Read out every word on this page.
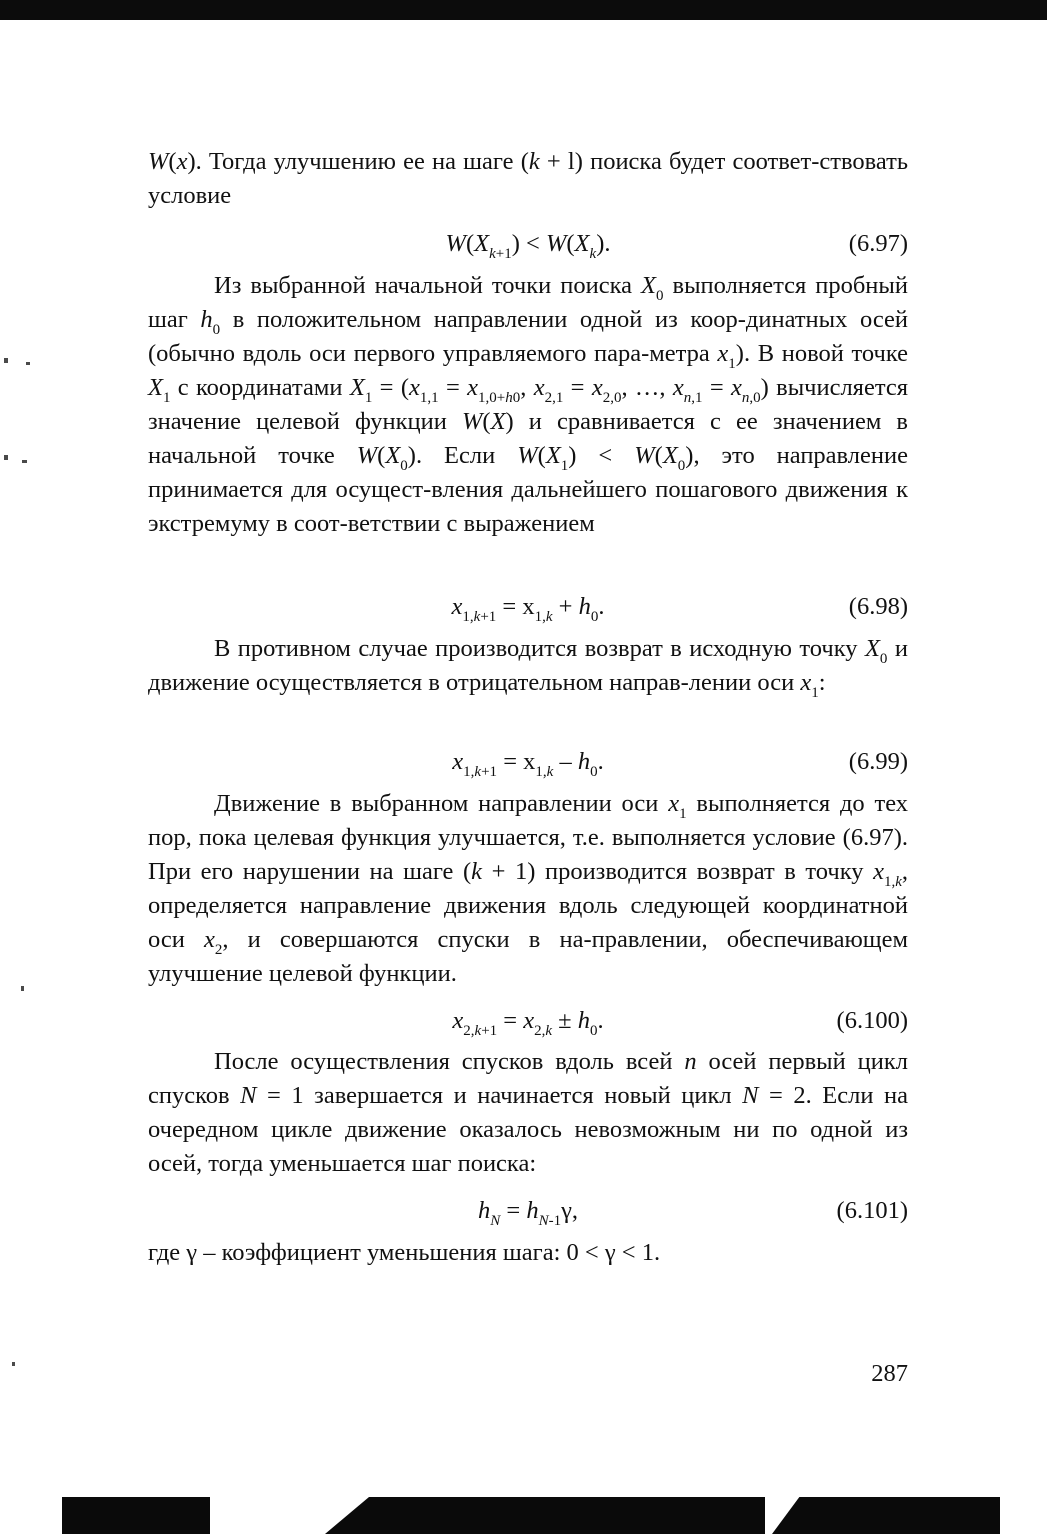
W(x). Тогда улучшению ее на шаге (k + l) поиска будет соответ-ствовать условие

$W(X_{k+1}) < W(X_k)$.	(6.97)

Из выбранной начальной точки поиска $X_0$ выполняется пробный шаг $h_0$ в положительном направлении одной из коор-динатных осей (обычно вдоль оси первого управляемого пара-метра $x_1$). В новой точке $X_1$ с координатами $X_1 = (x_{1,1} = x_{1,0+h0}$, $x_{2,1} = x_{2,0}$, …, $x_{n,1} = x_{n,0}$) вычисляется значение целевой функции W(X) и сравнивается с ее значением в начальной точке $W(X_0)$. Если $W(X_1) < W(X_0)$, это направление принимается для осущест-вления дальнейшего пошагового движения к экстремуму в соот-ветствии с выражением

$x_{1,k+1} = x_{1,k} + h_0$.	(6.98)

В противном случае производится возврат в исходную точку $X_0$ и движение осуществляется в отрицательном направ-лении оси $x_1$:

$x_{1,k+1} = x_{1,k} - h_0$.	(6.99)

Движение в выбранном направлении оси $x_1$ выполняется до тех пор, пока целевая функция улучшается, т.е. выполняется условие (6.97). При его нарушении на шаге (k + 1) производится возврат в точку $x_{1,k}$, определяется направление движения вдоль следующей координатной оси $x_2$, и совершаются спуски в на-правлении, обеспечивающем улучшение целевой функции.

$x_{2,k+1} = x_{2,k} \pm h_0$.	(6.100)

После осуществления спусков вдоль всей n осей первый цикл спусков N = 1 завершается и начинается новый цикл N = 2. Если на очередном цикле движение оказалось невозможным ни по одной из осей, тогда уменьшается шаг поиска:

$h_N = h_{N-1}\gamma$,	(6.101)

где γ – коэффициент уменьшения шага: 0 < γ < 1.

287
